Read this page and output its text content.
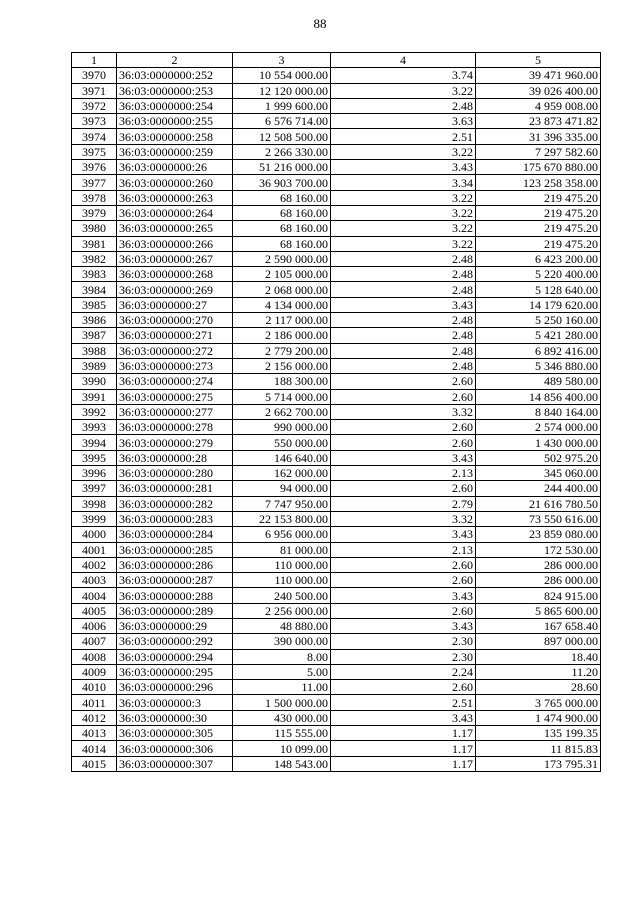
88
1	2	3	4	5
3970	36:03:0000000:252	10 554 000.00	3.74	39 471 960.00
3971	36:03:0000000:253	12 120 000.00	3.22	39 026 400.00
3972	36:03:0000000:254	1 999 600.00	2.48	4 959 008.00
3973	36:03:0000000:255	6 576 714.00	3.63	23 873 471.82
3974	36:03:0000000:258	12 508 500.00	2.51	31 396 335.00
3975	36:03:0000000:259	2 266 330.00	3.22	7 297 582.60
3976	36:03:0000000:26	51 216 000.00	3.43	175 670 880.00
3977	36:03:0000000:260	36 903 700.00	3.34	123 258 358.00
3978	36:03:0000000:263	68 160.00	3.22	219 475.20
3979	36:03:0000000:264	68 160.00	3.22	219 475.20
3980	36:03:0000000:265	68 160.00	3.22	219 475.20
3981	36:03:0000000:266	68 160.00	3.22	219 475.20
3982	36:03:0000000:267	2 590 000.00	2.48	6 423 200.00
3983	36:03:0000000:268	2 105 000.00	2.48	5 220 400.00
3984	36:03:0000000:269	2 068 000.00	2.48	5 128 640.00
3985	36:03:0000000:27	4 134 000.00	3.43	14 179 620.00
3986	36:03:0000000:270	2 117 000.00	2.48	5 250 160.00
3987	36:03:0000000:271	2 186 000.00	2.48	5 421 280.00
3988	36:03:0000000:272	2 779 200.00	2.48	6 892 416.00
3989	36:03:0000000:273	2 156 000.00	2.48	5 346 880.00
3990	36:03:0000000:274	188 300.00	2.60	489 580.00
3991	36:03:0000000:275	5 714 000.00	2.60	14 856 400.00
3992	36:03:0000000:277	2 662 700.00	3.32	8 840 164.00
3993	36:03:0000000:278	990 000.00	2.60	2 574 000.00
3994	36:03:0000000:279	550 000.00	2.60	1 430 000.00
3995	36:03:0000000:28	146 640.00	3.43	502 975.20
3996	36:03:0000000:280	162 000.00	2.13	345 060.00
3997	36:03:0000000:281	94 000.00	2.60	244 400.00
3998	36:03:0000000:282	7 747 950.00	2.79	21 616 780.50
3999	36:03:0000000:283	22 153 800.00	3.32	73 550 616.00
4000	36:03:0000000:284	6 956 000.00	3.43	23 859 080.00
4001	36:03:0000000:285	81 000.00	2.13	172 530.00
4002	36:03:0000000:286	110 000.00	2.60	286 000.00
4003	36:03:0000000:287	110 000.00	2.60	286 000.00
4004	36:03:0000000:288	240 500.00	3.43	824 915.00
4005	36:03:0000000:289	2 256 000.00	2.60	5 865 600.00
4006	36:03:0000000:29	48 880.00	3.43	167 658.40
4007	36:03:0000000:292	390 000.00	2.30	897 000.00
4008	36:03:0000000:294	8.00	2.30	18.40
4009	36:03:0000000:295	5.00	2.24	11.20
4010	36:03:0000000:296	11.00	2.60	28.60
4011	36:03:0000000:3	1 500 000.00	2.51	3 765 000.00
4012	36:03:0000000:30	430 000.00	3.43	1 474 900.00
4013	36:03:0000000:305	115 555.00	1.17	135 199.35
4014	36:03:0000000:306	10 099.00	1.17	11 815.83
4015	36:03:0000000:307	148 543.00	1.17	173 795.31
